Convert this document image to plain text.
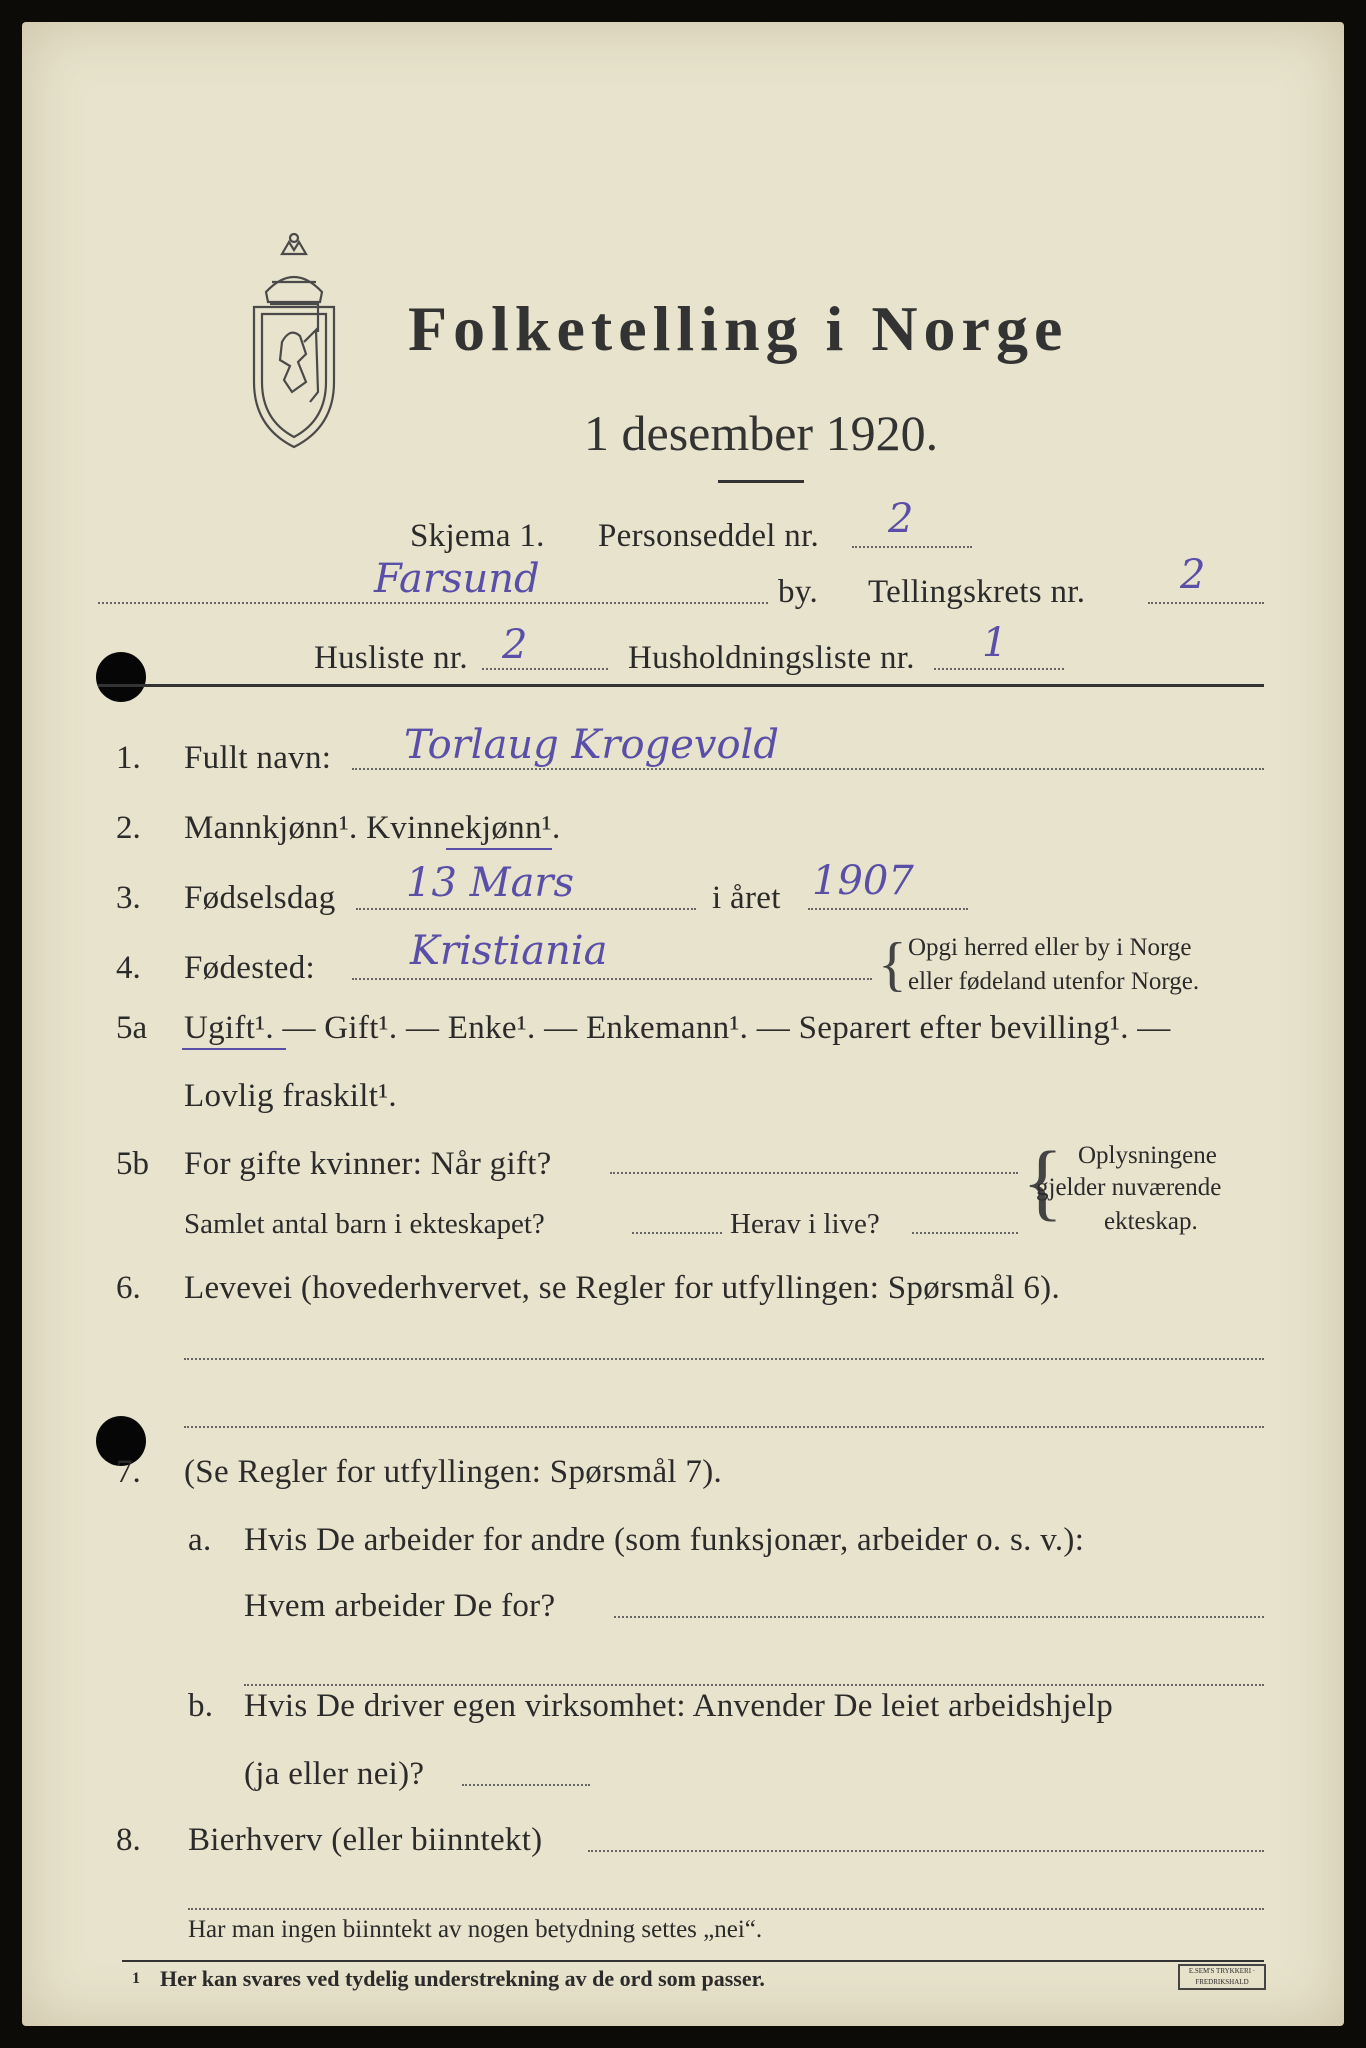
Folketelling i Norge
1 desember 1920.
Skjema 1. Personseddel nr. 2
Farsund	by. Tellingskrets nr. 2
Husliste nr. 2	Husholdningsliste nr. 1
1. Fullt navn: Torlaug Krogevold
2. Mannkjønn¹. Kvinnekjønn¹.
3. Fødselsdag 13 Mars	i året 1907
4. Fødested: Kristiania	{ Opgi herred eller by i Norge
eller fødeland utenfor Norge.
5a Ugift¹. — Gift¹. — Enke¹. — Enkemann¹. — Separert efter bevilling¹. —
Lovlig fraskilt¹.
5b For gifte kvinner: Når gift?
Samlet antal barn i ekteskapet?	Herav i live? { Oplysningene
gjelder nuværende
ekteskap.
6. Levevei (hovederhvervet, se Regler for utfyllingen: Spørsmål 6).
7. (Se Regler for utfyllingen: Spørsmål 7).
a. Hvis De arbeider for andre (som funksjonær, arbeider o. s. v.):
Hvem arbeider De for?
b. Hvis De driver egen virksomhet: Anvender De leiet arbeidshjelp
(ja eller nei)?
8. Bierhverv (eller biinntekt)
Har man ingen biinntekt av nogen betydning settes „nei“.
1 Her kan svares ved tydelig understrekning av de ord som passer.	E.SEM'S TRYKKERI · FREDRIKSHALD
